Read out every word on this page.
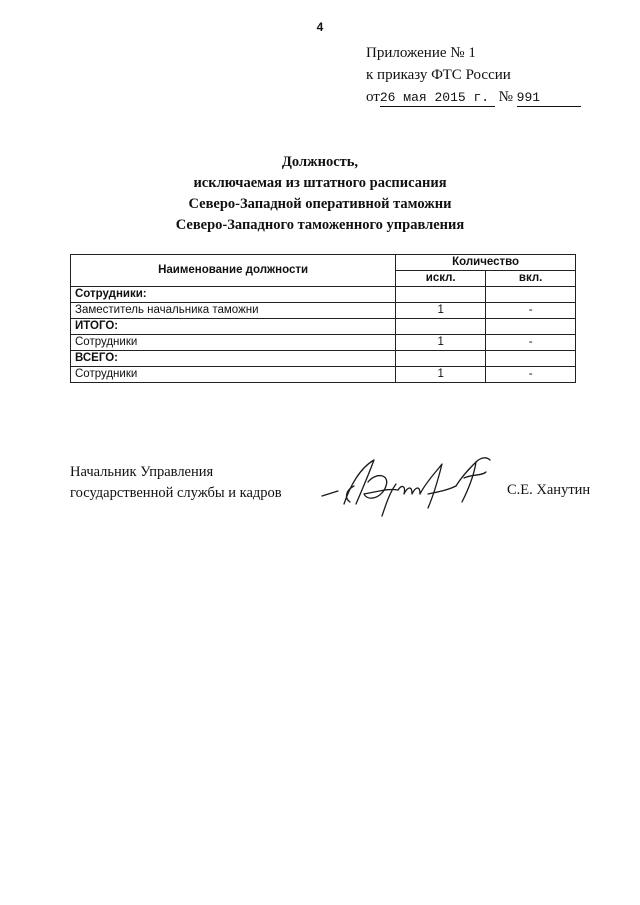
4
Приложение № 1
к приказу ФТС России
от26 мая 2015 г. № 991
Должность,
исключаемая из штатного расписания
Северо-Западной оперативной таможни
Северо-Западного таможенного управления
Наименование должности	Количество	
	искл.	вкл.
Сотрудники:		
Заместитель начальника таможни	1	-
ИТОГО:		
Сотрудники	1	-
ВСЕГО:		
Сотрудники	1	-
Начальник Управления
государственной службы и кадров	С.Е. Ханутин
